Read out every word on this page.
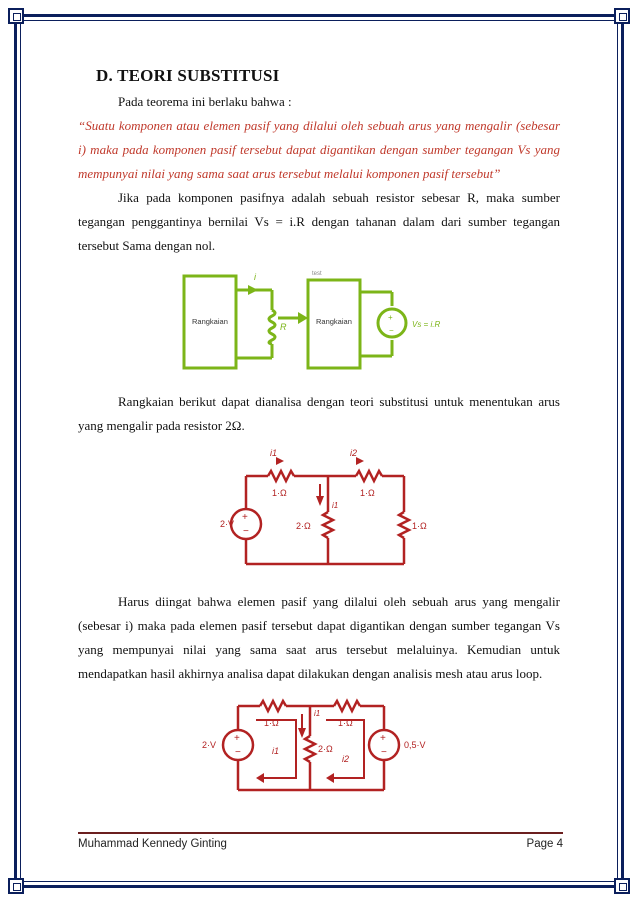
D. TEORI SUBSTITUSI

Pada teorema ini berlaku bahwa :

“Suatu komponen atau elemen pasif yang dilalui oleh sebuah arus yang mengalir (sebesar i) maka pada komponen pasif tersebut dapat digantikan dengan sumber tegangan Vs yang mempunyai nilai yang sama saat arus tersebut melalui komponen pasif tersebut”

Jika pada komponen pasifnya adalah sebuah resistor sebesar R, maka sumber tegangan penggantinya bernilai Vs = i.R dengan tahanan dalam dari sumber tegangan tersebut Sama dengan nol.

i
R
Rangkaian	Rangkaian
test
Vs = i.R
+
−

Rangkaian berikut dapat dianalisa dengan teori substitusi untuk menentukan arus yang mengalir pada resistor 2Ω.

+
−
i1	i2
i1
1·Ω	1·Ω
2·Ω	1·Ω
2·V

Harus diingat bahwa elemen pasif yang dilalui oleh sebuah arus yang mengalir (sebesar i) maka pada elemen pasif tersebut dapat digantikan dengan sumber tegangan Vs yang mempunyai nilai yang sama saat arus tersebut melaluinya. Kemudian untuk mendapatkan hasil akhirnya analisa dapat dilakukan dengan analisis mesh atau arus loop.

+
−
+
−
1·Ω	1·Ω
2·Ω
i1
i1
i2
2·V	0,5·V
Muhammad Kennedy Ginting	Page 4
